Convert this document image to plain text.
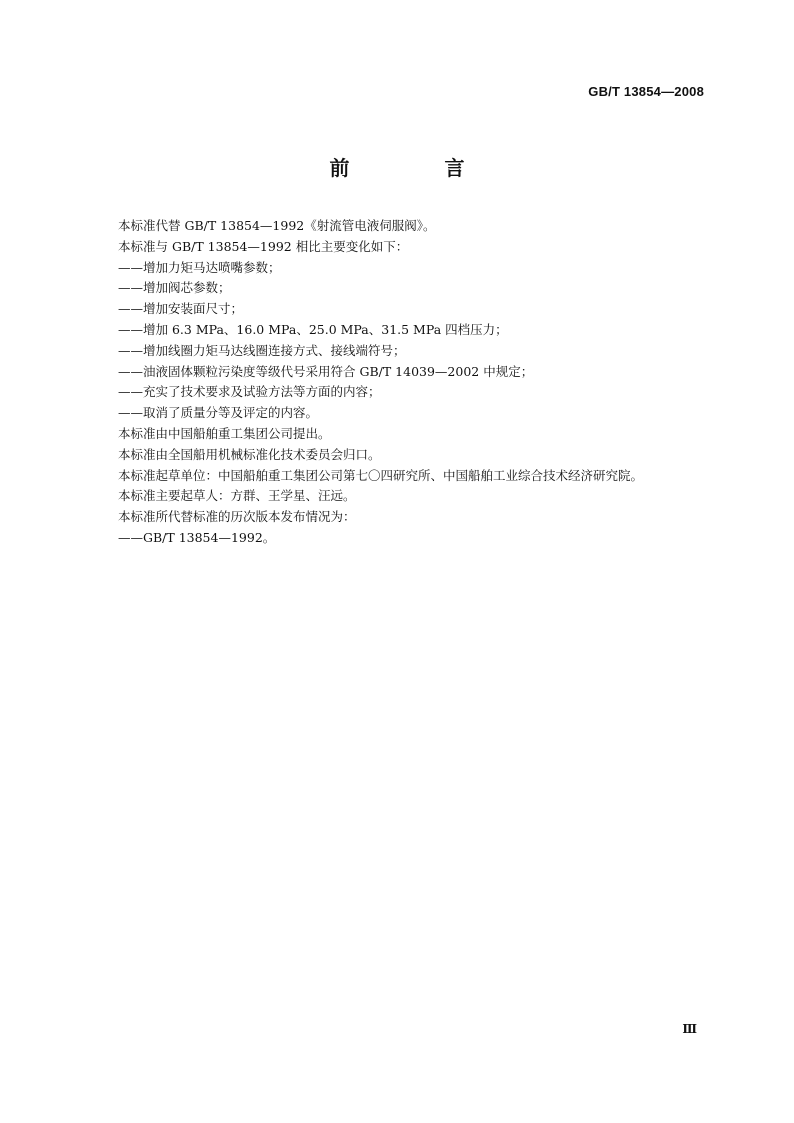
GB/T 13854—2008
前 言
本标准代替 GB/T 13854—1992《射流管电液伺服阀》。
本标准与 GB/T 13854—1992 相比主要变化如下：
——增加力矩马达喷嘴参数；
——增加阀芯参数；
——增加安装面尺寸；
——增加 6.3 MPa、16.0 MPa、25.0 MPa、31.5 MPa 四档压力；
——增加线圈力矩马达线圈连接方式、接线端符号；
——油液固体颗粒污染度等级代号采用符合 GB/T 14039—2002 中规定；
——充实了技术要求及试验方法等方面的内容；
——取消了质量分等及评定的内容。
本标准由中国船舶重工集团公司提出。
本标准由全国船用机械标准化技术委员会归口。
本标准起草单位：中国船舶重工集团公司第七〇四研究所、中国船舶工业综合技术经济研究院。
本标准主要起草人：方群、王学星、汪远。
本标准所代替标准的历次版本发布情况为：
——GB/T 13854—1992。
Ⅲ
